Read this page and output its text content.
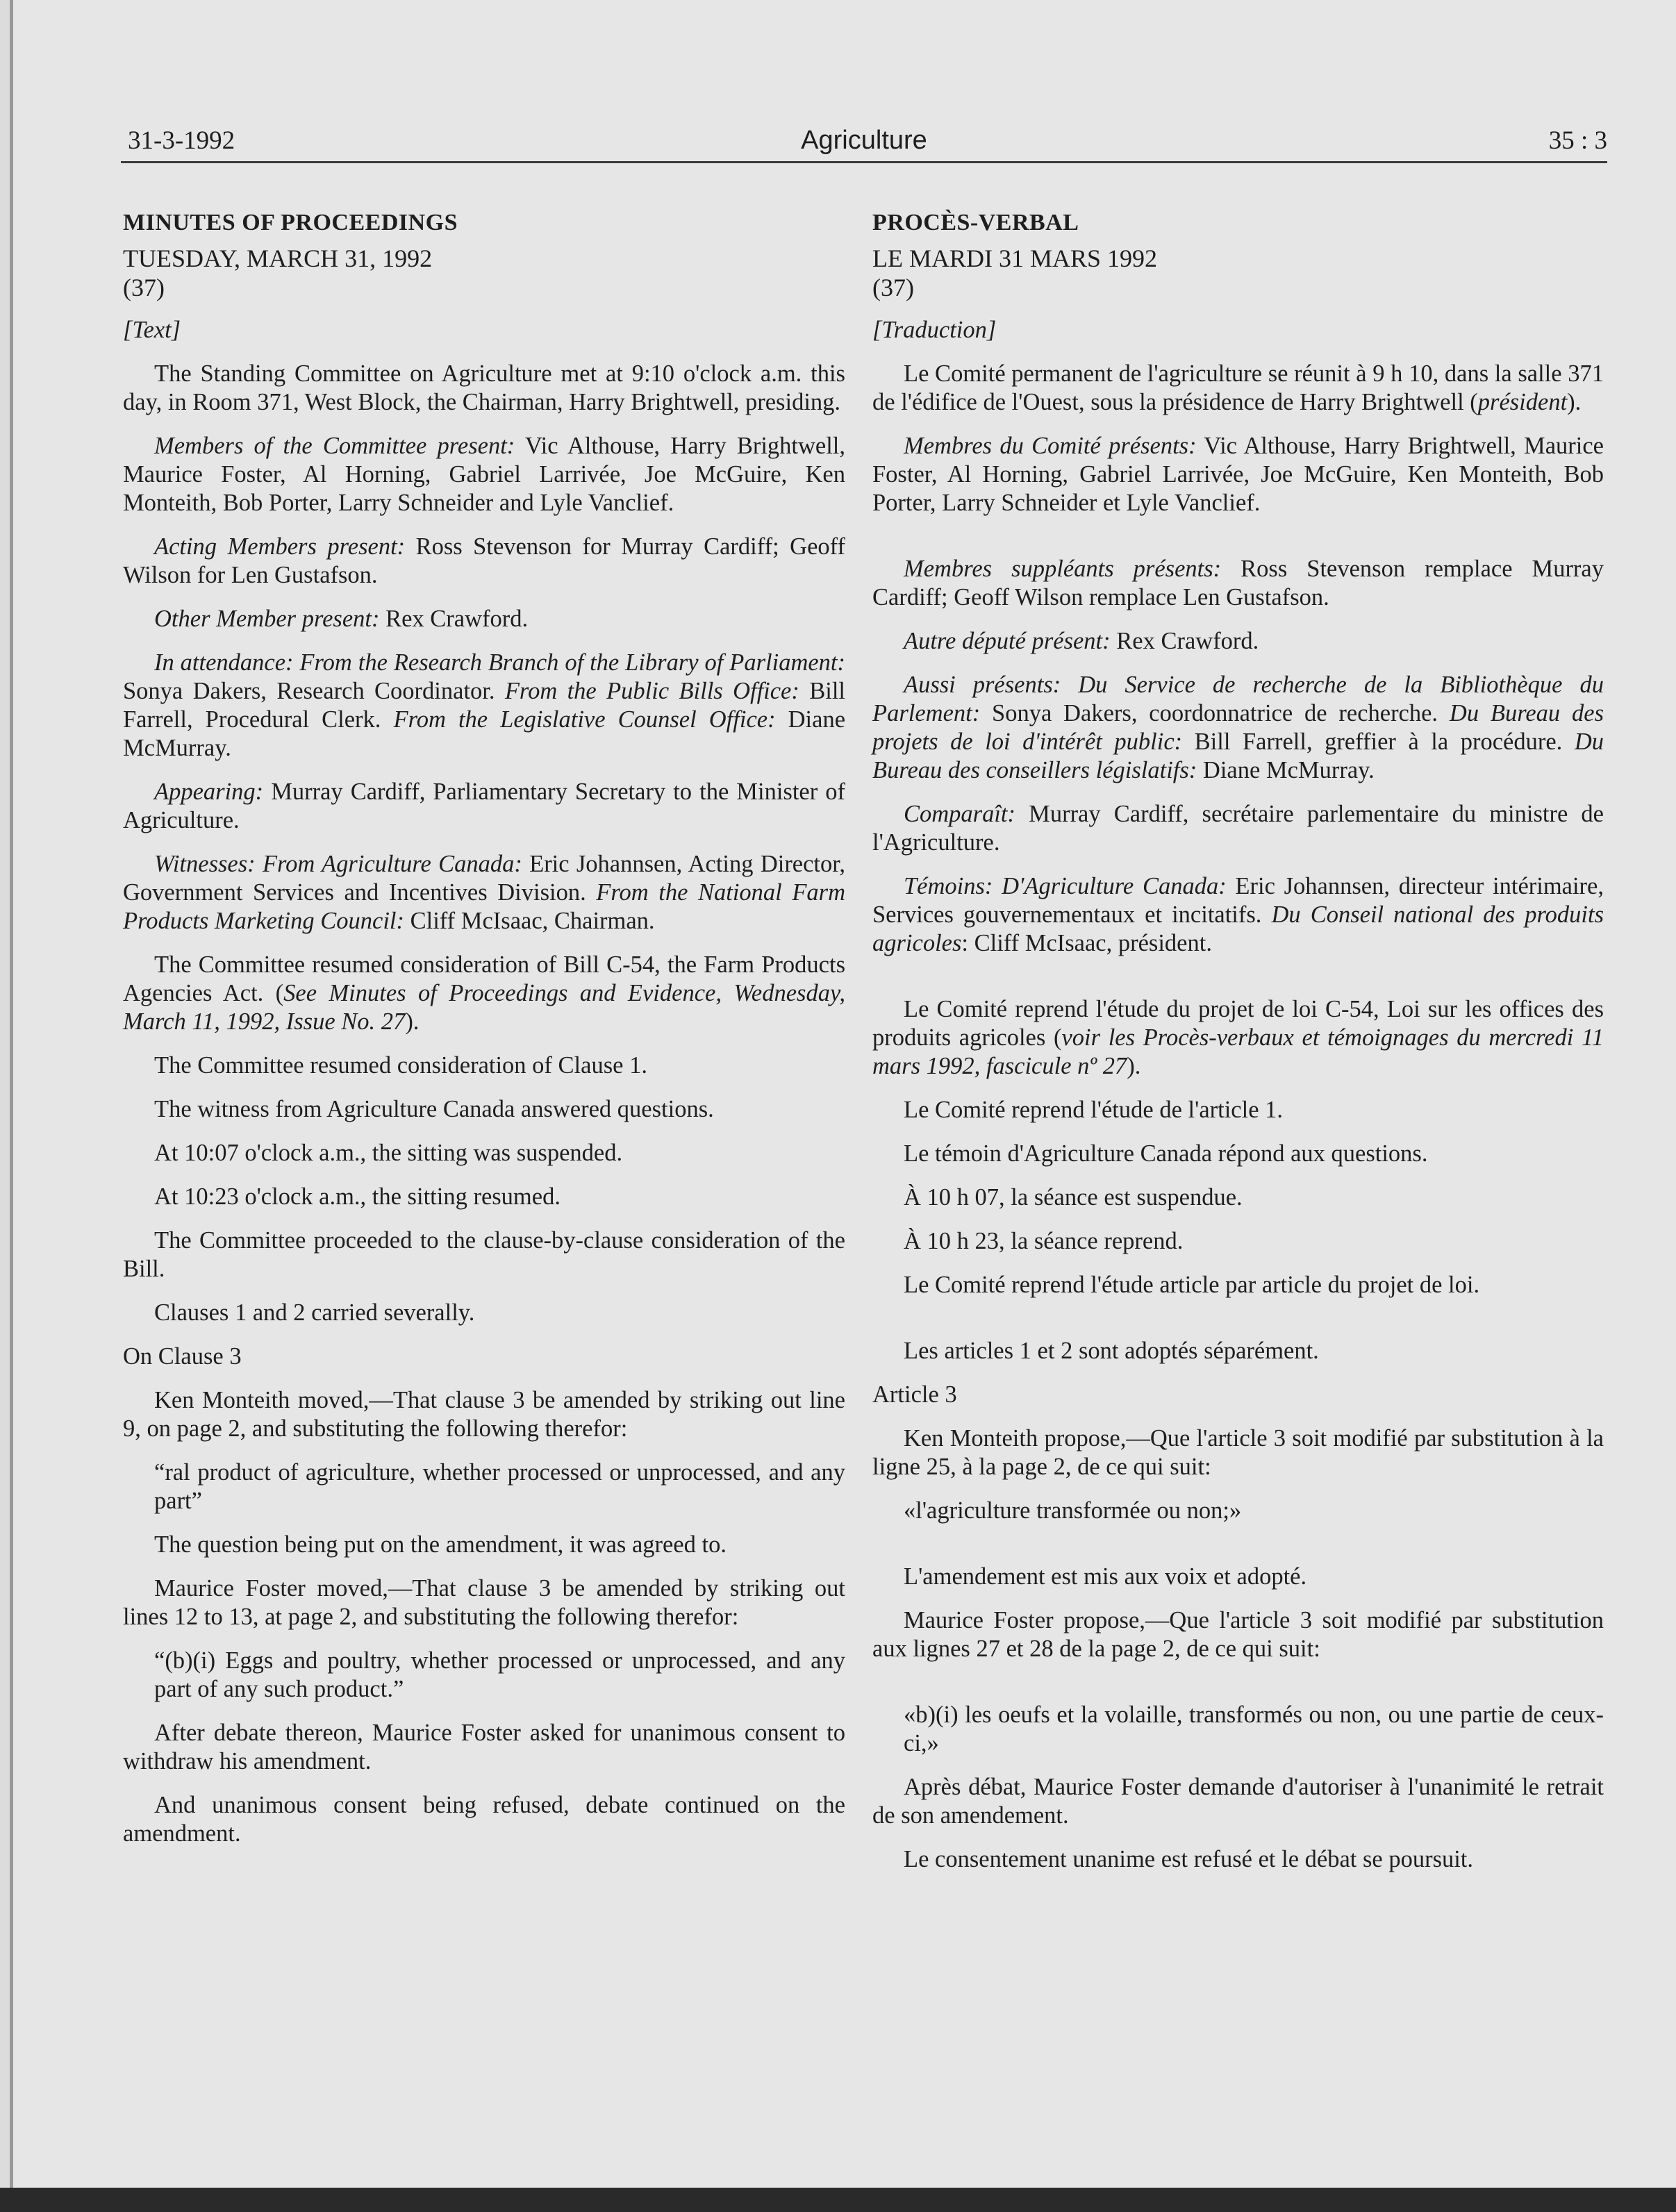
31-3-1992	Agriculture	35 : 3
MINUTES OF PROCEEDINGS
TUESDAY, MARCH 31, 1992
(37)
[Text]

The Standing Committee on Agriculture met at 9:10 o'clock a.m. this day, in Room 371, West Block, the Chairman, Harry Brightwell, presiding.

Members of the Committee present: Vic Althouse, Harry Brightwell, Maurice Foster, Al Horning, Gabriel Larrivée, Joe McGuire, Ken Monteith, Bob Porter, Larry Schneider and Lyle Vanclief.

Acting Members present: Ross Stevenson for Murray Cardiff; Geoff Wilson for Len Gustafson.

Other Member present: Rex Crawford.

In attendance: From the Research Branch of the Library of Parliament: Sonya Dakers, Research Coordinator. From the Public Bills Office: Bill Farrell, Procedural Clerk. From the Legislative Counsel Office: Diane McMurray.

Appearing: Murray Cardiff, Parliamentary Secretary to the Minister of Agriculture.

Witnesses: From Agriculture Canada: Eric Johannsen, Acting Director, Government Services and Incentives Division. From the National Farm Products Marketing Council: Cliff McIsaac, Chairman.

The Committee resumed consideration of Bill C-54, the Farm Products Agencies Act. (See Minutes of Proceedings and Evidence, Wednesday, March 11, 1992, Issue No. 27).

The Committee resumed consideration of Clause 1.

The witness from Agriculture Canada answered questions.

At 10:07 o'clock a.m., the sitting was suspended.

At 10:23 o'clock a.m., the sitting resumed.

The Committee proceeded to the clause-by-clause consideration of the Bill.

Clauses 1 and 2 carried severally.

On Clause 3

Ken Monteith moved,—That clause 3 be amended by striking out line 9, on page 2, and substituting the following therefor:

“ral product of agriculture, whether processed or unprocessed, and any part”

The question being put on the amendment, it was agreed to.

Maurice Foster moved,—That clause 3 be amended by striking out lines 12 to 13, at page 2, and substituting the following therefor:

“(b)(i) Eggs and poultry, whether processed or unprocessed, and any part of any such product.”

After debate thereon, Maurice Foster asked for unanimous consent to withdraw his amendment.

And unanimous consent being refused, debate continued on the amendment.

PROCÈS-VERBAL
LE MARDI 31 MARS 1992
(37)
[Traduction]

Le Comité permanent de l'agriculture se réunit à 9 h 10, dans la salle 371 de l'édifice de l'Ouest, sous la présidence de Harry Brightwell (président).

Membres du Comité présents: Vic Althouse, Harry Brightwell, Maurice Foster, Al Horning, Gabriel Larrivée, Joe McGuire, Ken Monteith, Bob Porter, Larry Schneider et Lyle Vanclief.

Membres suppléants présents: Ross Stevenson remplace Murray Cardiff; Geoff Wilson remplace Len Gustafson.

Autre député présent: Rex Crawford.

Aussi présents: Du Service de recherche de la Bibliothèque du Parlement: Sonya Dakers, coordonnatrice de recherche. Du Bureau des projets de loi d'intérêt public: Bill Farrell, greffier à la procédure. Du Bureau des conseillers législatifs: Diane McMurray.

Comparaît: Murray Cardiff, secrétaire parlementaire du ministre de l'Agriculture.

Témoins: D'Agriculture Canada: Eric Johannsen, directeur intérimaire, Services gouvernementaux et incitatifs. Du Conseil national des produits agricoles: Cliff McIsaac, président.

Le Comité reprend l'étude du projet de loi C-54, Loi sur les offices des produits agricoles (voir les Procès-verbaux et témoignages du mercredi 11 mars 1992, fascicule nº 27).

Le Comité reprend l'étude de l'article 1.

Le témoin d'Agriculture Canada répond aux questions.

À 10 h 07, la séance est suspendue.

À 10 h 23, la séance reprend.

Le Comité reprend l'étude article par article du projet de loi.

Les articles 1 et 2 sont adoptés séparément.

Article 3

Ken Monteith propose,—Que l'article 3 soit modifié par substitution à la ligne 25, à la page 2, de ce qui suit:

«l'agriculture transformée ou non;»

L'amendement est mis aux voix et adopté.

Maurice Foster propose,—Que l'article 3 soit modifié par substitution aux lignes 27 et 28 de la page 2, de ce qui suit:

«b)(i) les oeufs et la volaille, transformés ou non, ou une partie de ceux-ci,»

Après débat, Maurice Foster demande d'autoriser à l'unanimité le retrait de son amendement.

Le consentement unanime est refusé et le débat se poursuit.
